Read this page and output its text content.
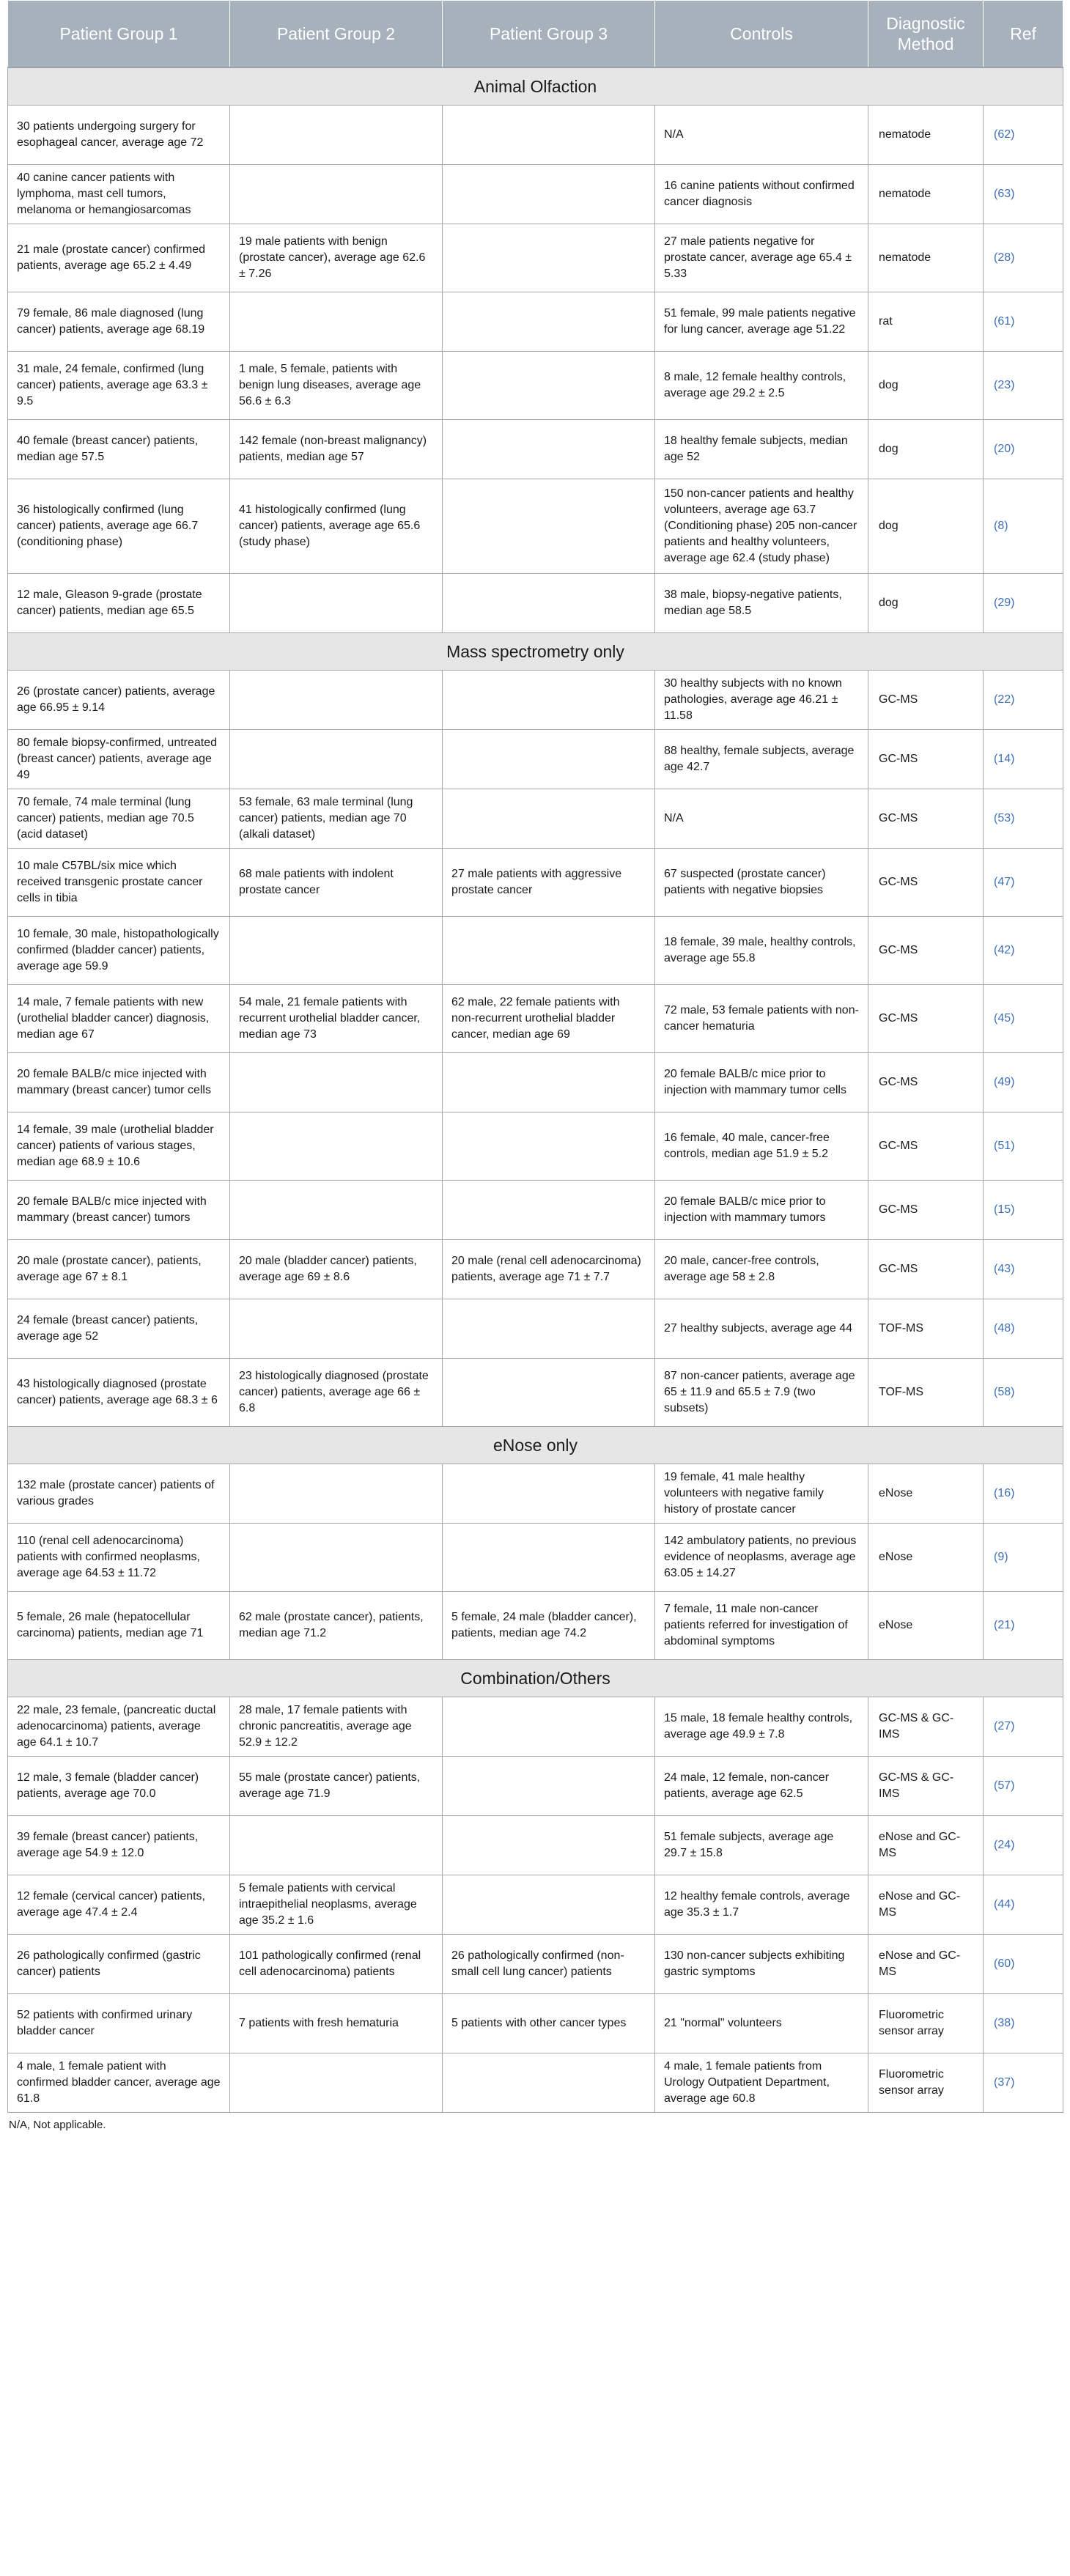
Patient Group 1	Patient Group 2	Patient Group 3	Controls	Diagnostic Method	Ref
Animal Olfaction					
30 patients undergoing surgery for esophageal cancer, average age 72			N/A	nematode	(62)
40 canine cancer patients with lymphoma, mast cell tumors, melanoma or hemangiosarcomas			16 canine patients without confirmed cancer diagnosis	nematode	(63)
21 male (prostate cancer) confirmed patients, average age 65.2 ± 4.49	19 male patients with benign (prostate cancer), average age 62.6 ± 7.26		27 male patients negative for prostate cancer, average age 65.4 ± 5.33	nematode	(28)
79 female, 86 male diagnosed (lung cancer) patients, average age 68.19			51 female, 99 male patients negative for lung cancer, average age 51.22	rat	(61)
31 male, 24 female, confirmed (lung cancer) patients, average age 63.3 ± 9.5	1 male, 5 female, patients with benign lung diseases, average age 56.6 ± 6.3		8 male, 12 female healthy controls, average age 29.2 ± 2.5	dog	(23)
40 female (breast cancer) patients, median age 57.5	142 female (non-breast malignancy) patients, median age 57		18 healthy female subjects, median age 52	dog	(20)
36 histologically confirmed (lung cancer) patients, average age 66.7 (conditioning phase)	41 histologically confirmed (lung cancer) patients, average age 65.6 (study phase)		150 non-cancer patients and healthy volunteers, average age 63.7 (Conditioning phase) 205 non-cancer patients and healthy volunteers, average age 62.4 (study phase)	dog	(8)
12 male, Gleason 9-grade (prostate cancer) patients, median age 65.5			38 male, biopsy-negative patients, median age 58.5	dog	(29)
Mass spectrometry only					
26 (prostate cancer) patients, average age 66.95 ± 9.14			30 healthy subjects with no known pathologies, average age 46.21 ± 11.58	GC-MS	(22)
80 female biopsy-confirmed, untreated (breast cancer) patients, average age 49			88 healthy, female subjects, average age 42.7	GC-MS	(14)
70 female, 74 male terminal (lung cancer) patients, median age 70.5 (acid dataset)	53 female, 63 male terminal (lung cancer) patients, median age 70 (alkali dataset)		N/A	GC-MS	(53)
10 male C57BL/six mice which received transgenic prostate cancer cells in tibia	68 male patients with indolent prostate cancer	27 male patients with aggressive prostate cancer	67 suspected (prostate cancer) patients with negative biopsies	GC-MS	(47)
10 female, 30 male, histopathologically confirmed (bladder cancer) patients, average age 59.9			18 female, 39 male, healthy controls, average age 55.8	GC-MS	(42)
14 male, 7 female patients with new (urothelial bladder cancer) diagnosis, median age 67	54 male, 21 female patients with recurrent urothelial bladder cancer, median age 73	62 male, 22 female patients with non-recurrent urothelial bladder cancer, median age 69	72 male, 53 female patients with non-cancer hematuria	GC-MS	(45)
20 female BALB/c mice injected with mammary (breast cancer) tumor cells			20 female BALB/c mice prior to injection with mammary tumor cells	GC-MS	(49)
14 female, 39 male (urothelial bladder cancer) patients of various stages, median age 68.9 ± 10.6			16 female, 40 male, cancer-free controls, median age 51.9 ± 5.2	GC-MS	(51)
20 female BALB/c mice injected with mammary (breast cancer) tumors			20 female BALB/c mice prior to injection with mammary tumors	GC-MS	(15)
20 male (prostate cancer), patients, average age 67 ± 8.1	20 male (bladder cancer) patients, average age 69 ± 8.6	20 male (renal cell adenocarcinoma) patients, average age 71 ± 7.7	20 male, cancer-free controls, average age 58 ± 2.8	GC-MS	(43)
24 female (breast cancer) patients, average age 52			27 healthy subjects, average age 44	TOF-MS	(48)
43 histologically diagnosed (prostate cancer) patients, average age 68.3 ± 6	23 histologically diagnosed (prostate cancer) patients, average age 66 ± 6.8		87 non-cancer patients, average age 65 ± 11.9 and 65.5 ± 7.9 (two subsets)	TOF-MS	(58)
eNose only					
132 male (prostate cancer) patients of various grades			19 female, 41 male healthy volunteers with negative family history of prostate cancer	eNose	(16)
110 (renal cell adenocarcinoma) patients with confirmed neoplasms, average age 64.53 ± 11.72			142 ambulatory patients, no previous evidence of neoplasms, average age 63.05 ± 14.27	eNose	(9)
5 female, 26 male (hepatocellular carcinoma) patients, median age 71	62 male (prostate cancer), patients, median age 71.2	5 female, 24 male (bladder cancer), patients, median age 74.2	7 female, 11 male non-cancer patients referred for investigation of abdominal symptoms	eNose	(21)
Combination/Others					
22 male, 23 female, (pancreatic ductal adenocarcinoma) patients, average age 64.1 ± 10.7	28 male, 17 female patients with chronic pancreatitis, average age 52.9 ± 12.2		15 male, 18 female healthy controls, average age 49.9 ± 7.8	GC-MS & GC-IMS	(27)
12 male, 3 female (bladder cancer) patients, average age 70.0	55 male (prostate cancer) patients, average age 71.9		24 male, 12 female, non-cancer patients, average age 62.5	GC-MS & GC-IMS	(57)
39 female (breast cancer) patients, average age 54.9 ± 12.0			51 female subjects, average age 29.7 ± 15.8	eNose and GC-MS	(24)
12 female (cervical cancer) patients, average age 47.4 ± 2.4	5 female patients with cervical intraepithelial neoplasms, average age 35.2 ± 1.6		12 healthy female controls, average age 35.3 ± 1.7	eNose and GC-MS	(44)
26 pathologically confirmed (gastric cancer) patients	101 pathologically confirmed (renal cell adenocarcinoma) patients	26 pathologically confirmed (non-small cell lung cancer) patients	130 non-cancer subjects exhibiting gastric symptoms	eNose and GC-MS	(60)
52 patients with confirmed urinary bladder cancer	7 patients with fresh hematuria	5 patients with other cancer types	21 "normal" volunteers	Fluorometric sensor array	(38)
4 male, 1 female patient with confirmed bladder cancer, average age 61.8			4 male, 1 female patients from Urology Outpatient Department, average age 60.8	Fluorometric sensor array	(37)
N/A, Not applicable.
